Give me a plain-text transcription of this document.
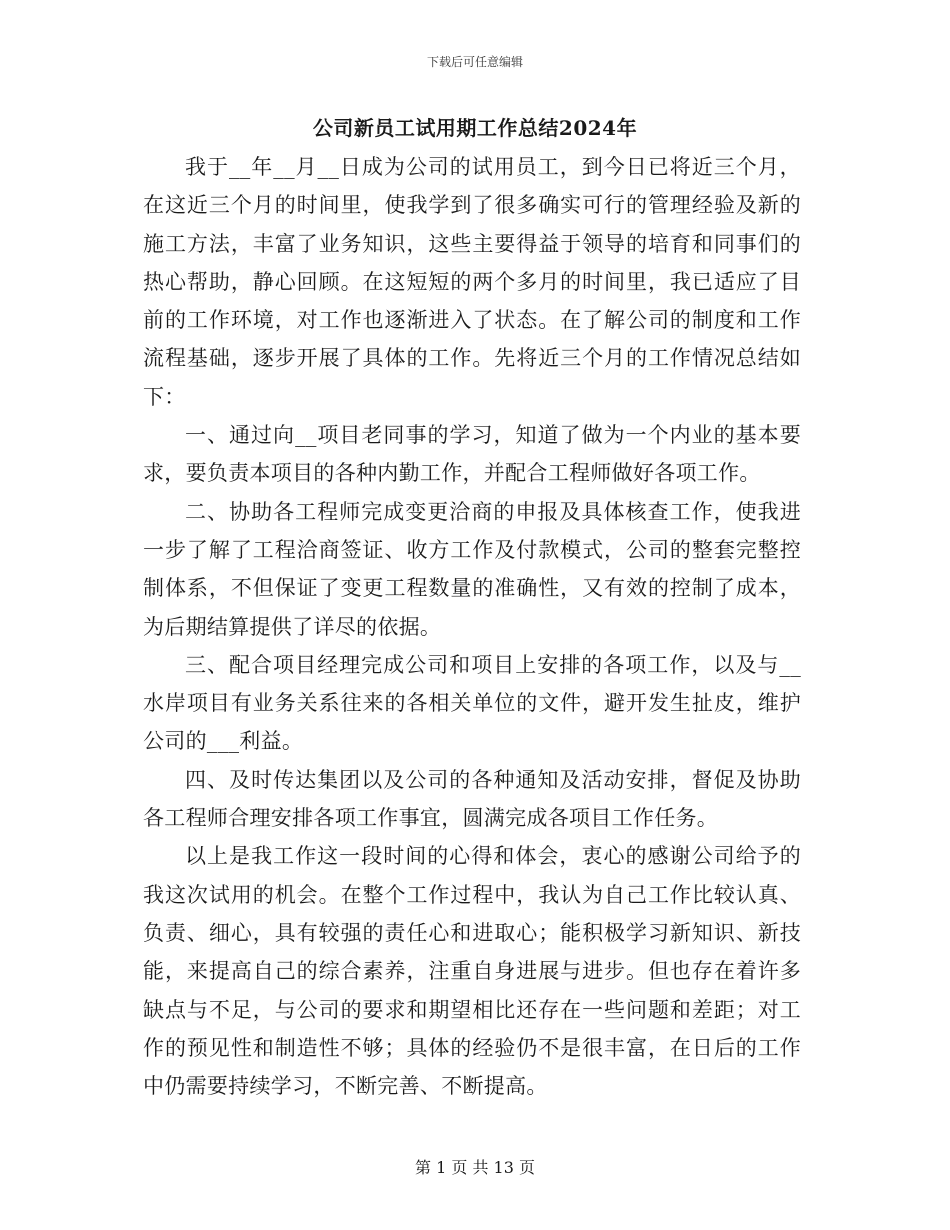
下载后可任意编辑
公司新员工试用期工作总结2024年

我于__年__月__日成为公司的试用员工，到今日已将近三个月，在这近三个月的时间里，使我学到了很多确实可行的管理经验及新的施工方法，丰富了业务知识，这些主要得益于领导的培育和同事们的热心帮助，静心回顾。在这短短的两个多月的时间里，我已适应了目前的工作环境，对工作也逐渐进入了状态。在了解公司的制度和工作流程基础，逐步开展了具体的工作。先将近三个月的工作情况总结如下：

一、通过向__项目老同事的学习，知道了做为一个内业的基本要求，要负责本项目的各种内勤工作，并配合工程师做好各项工作。

二、协助各工程师完成变更洽商的申报及具体核查工作，使我进一步了解了工程洽商签证、收方工作及付款模式，公司的整套完整控制体系，不但保证了变更工程数量的准确性，又有效的控制了成本，为后期结算提供了详尽的依据。

三、配合项目经理完成公司和项目上安排的各项工作，以及与__水岸项目有业务关系往来的各相关单位的文件，避开发生扯皮，维护公司的___利益。

四、及时传达集团以及公司的各种通知及活动安排，督促及协助各工程师合理安排各项工作事宜，圆满完成各项目工作任务。

以上是我工作这一段时间的心得和体会，衷心的感谢公司给予的我这次试用的机会。在整个工作过程中，我认为自己工作比较认真、负责、细心，具有较强的责任心和进取心；能积极学习新知识、新技能，来提高自己的综合素养，注重自身进展与进步。但也存在着许多缺点与不足，与公司的要求和期望相比还存在一些问题和差距；对工作的预见性和制造性不够；具体的经验仍不是很丰富，在日后的工作中仍需要持续学习，不断完善、不断提高。

第 1 页 共 13 页
